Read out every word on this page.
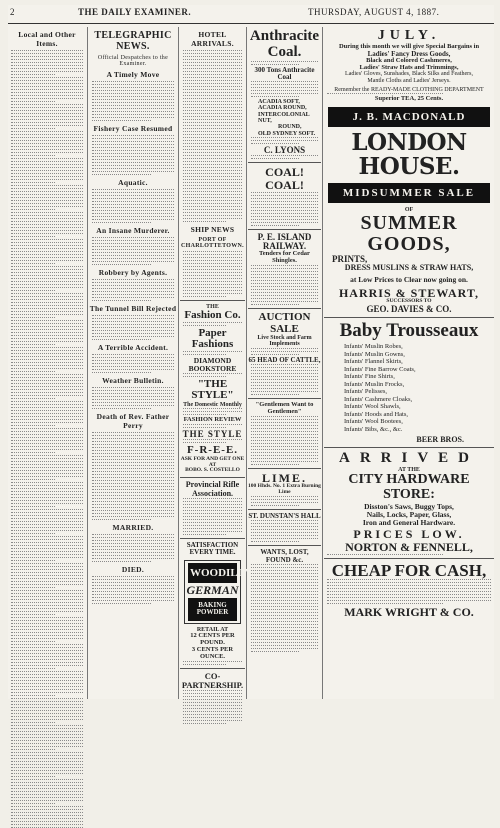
2	THE DAILY EXAMINER.	THURSDAY, AUGUST 4, 1887.
Local and Other Items.
TELEGRAPHIC NEWS.
Official Despatches to the Examiner.
A Timely Move
Fishery Case Resumed
Aquatic.
An Insane Murderer.
Robbery by Agents.
The Tunnel Bill Rejected
A Terrible Accident.
Weather Bulletin.
Death of Rev. Father Perry
MARRIED.
DIED.
HOTEL ARRIVALS.
SHIP NEWS
PORT OF CHARLOTTETOWN.
THE
Fashion Co.
Paper Fashions
DIAMOND BOOKSTORE
"THE STYLE"
The Domestic Monthly
FASHION REVIEW
THE STYLE
F-R-E-E.
ASK FOR AND GET ONE AT
BOBO. S. COSTELLO
Provincial Rifle Association.
SATISFACTION EVERY TIME.
WOODILL'S
GERMAN
BAKING POWDER
RETAIL AT
12 CENTS PER POUND.
3 CENTS PER OUNCE.
CO-PARTNERSHIP.
Anthracite Coal.
300 Tons Anthracite Coal
ACADIA SOFT,
ACADIA ROUND,
INTERCOLONIAL NUT,
ROUND,
OLD SYDNEY SOFT.
C. LYONS
COAL! COAL!
P. E. ISLAND RAILWAY.
Tenders for Cedar Shingles.
AUCTION SALE
Live Stock and Farm Implements
65 HEAD OF CATTLE,
"Gentlemen Want to Gentlemen"
LIME.
100 Hhds. No. 1 Extra Burning Lime
ST. DUNSTAN'S HALL
WANTS, LOST, FOUND &c.
JULY.
During this month we will give Special Bargains in
Ladies' Fancy Dress Goods,
Black and Colored Cashmeres,
Ladies' Straw Hats and Trimmings,
Ladies' Gloves, Sunshades, Black Silks and Feathers,
Mantle Cloths and Ladies' Jerseys.
Remember the READY-MADE CLOTHING DEPARTMENT
Superior TEA, 25 Cents.
J. B. MACDONALD
LONDON HOUSE.
MIDSUMMER SALE
OF
SUMMER GOODS,
PRINTS,
DRESS MUSLINS & STRAW HATS,
at Low Prices to Clear now going on.
HARRIS & STEWART,
SUCCESSORS TO
GEO. DAVIES & CO.
Baby Trousseaux
Infants' Muslin Robes,
Infants' Muslin Gowns,
Infants' Flannel Skirts,
Infants' Fine Barrow Coats,
Infants' Fine Shirts,
Infants' Muslin Frocks,
Infants' Pelisses,
Infants' Cashmere Cloaks,
Infants' Wool Shawls,
Infants' Hoods and Hats,
Infants' Wool Bootees,
Infants' Bibs, &c., &c.
BEER BROS.
ARRIVED
AT THE
CITY HARDWARE STORE:
Disston's Saws, Buggy Tops,
Nails, Locks, Paper, Glass,
Iron and General Hardware.
PRICES LOW.
NORTON & FENNELL,
CHEAP FOR CASH,
MARK WRIGHT & CO.
